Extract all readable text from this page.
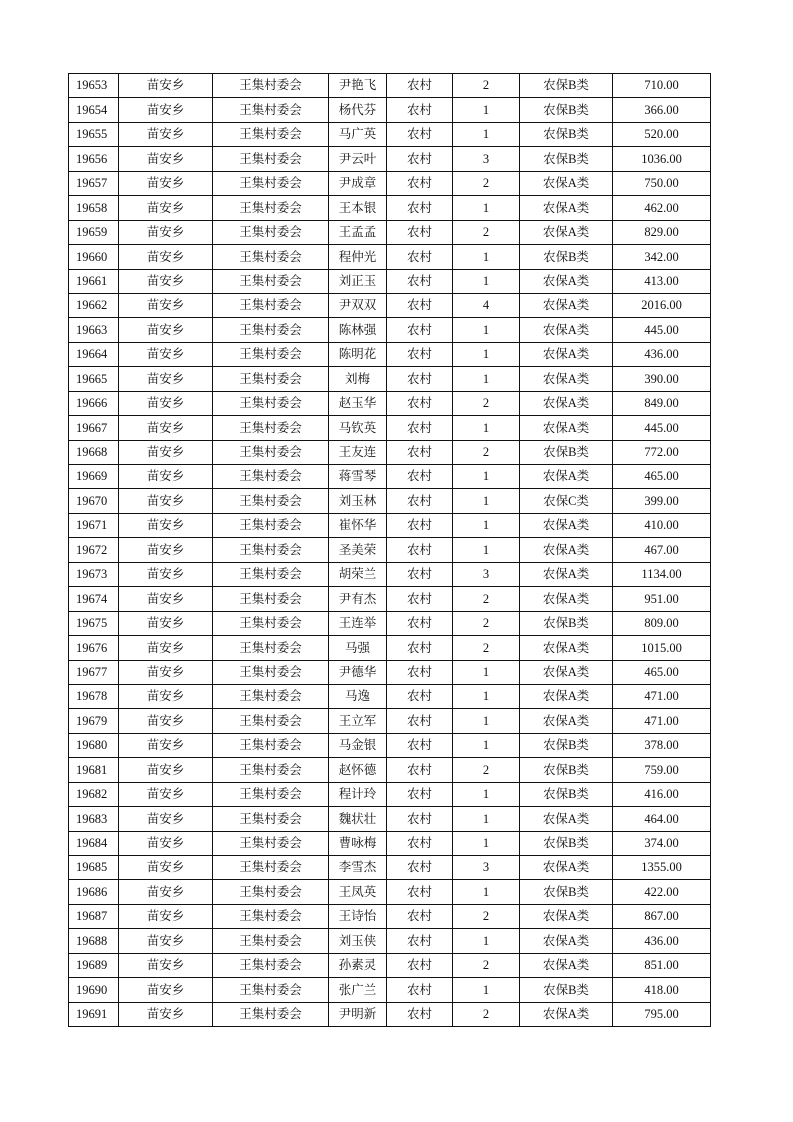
19653	苗安乡	王集村委会	尹艳飞	农村	2	农保B类	710.00
19654	苗安乡	王集村委会	杨代芬	农村	1	农保B类	366.00
19655	苗安乡	王集村委会	马广英	农村	1	农保B类	520.00
19656	苗安乡	王集村委会	尹云叶	农村	3	农保B类	1036.00
19657	苗安乡	王集村委会	尹成章	农村	2	农保A类	750.00
19658	苗安乡	王集村委会	王本银	农村	1	农保A类	462.00
19659	苗安乡	王集村委会	王孟孟	农村	2	农保A类	829.00
19660	苗安乡	王集村委会	程仲光	农村	1	农保B类	342.00
19661	苗安乡	王集村委会	刘正玉	农村	1	农保A类	413.00
19662	苗安乡	王集村委会	尹双双	农村	4	农保A类	2016.00
19663	苗安乡	王集村委会	陈林强	农村	1	农保A类	445.00
19664	苗安乡	王集村委会	陈明花	农村	1	农保A类	436.00
19665	苗安乡	王集村委会	刘梅	农村	1	农保A类	390.00
19666	苗安乡	王集村委会	赵玉华	农村	2	农保A类	849.00
19667	苗安乡	王集村委会	马钦英	农村	1	农保A类	445.00
19668	苗安乡	王集村委会	王友连	农村	2	农保B类	772.00
19669	苗安乡	王集村委会	蒋雪琴	农村	1	农保A类	465.00
19670	苗安乡	王集村委会	刘玉林	农村	1	农保C类	399.00
19671	苗安乡	王集村委会	崔怀华	农村	1	农保A类	410.00
19672	苗安乡	王集村委会	圣美荣	农村	1	农保A类	467.00
19673	苗安乡	王集村委会	胡荣兰	农村	3	农保A类	1134.00
19674	苗安乡	王集村委会	尹有杰	农村	2	农保A类	951.00
19675	苗安乡	王集村委会	王连举	农村	2	农保B类	809.00
19676	苗安乡	王集村委会	马强	农村	2	农保A类	1015.00
19677	苗安乡	王集村委会	尹德华	农村	1	农保A类	465.00
19678	苗安乡	王集村委会	马逸	农村	1	农保A类	471.00
19679	苗安乡	王集村委会	王立军	农村	1	农保A类	471.00
19680	苗安乡	王集村委会	马金银	农村	1	农保B类	378.00
19681	苗安乡	王集村委会	赵怀德	农村	2	农保B类	759.00
19682	苗安乡	王集村委会	程计玲	农村	1	农保B类	416.00
19683	苗安乡	王集村委会	魏状壮	农村	1	农保A类	464.00
19684	苗安乡	王集村委会	曹咏梅	农村	1	农保B类	374.00
19685	苗安乡	王集村委会	李雪杰	农村	3	农保A类	1355.00
19686	苗安乡	王集村委会	王凤英	农村	1	农保B类	422.00
19687	苗安乡	王集村委会	王诗怡	农村	2	农保A类	867.00
19688	苗安乡	王集村委会	刘玉侠	农村	1	农保A类	436.00
19689	苗安乡	王集村委会	孙素灵	农村	2	农保A类	851.00
19690	苗安乡	王集村委会	张广兰	农村	1	农保B类	418.00
19691	苗安乡	王集村委会	尹明新	农村	2	农保A类	795.00
